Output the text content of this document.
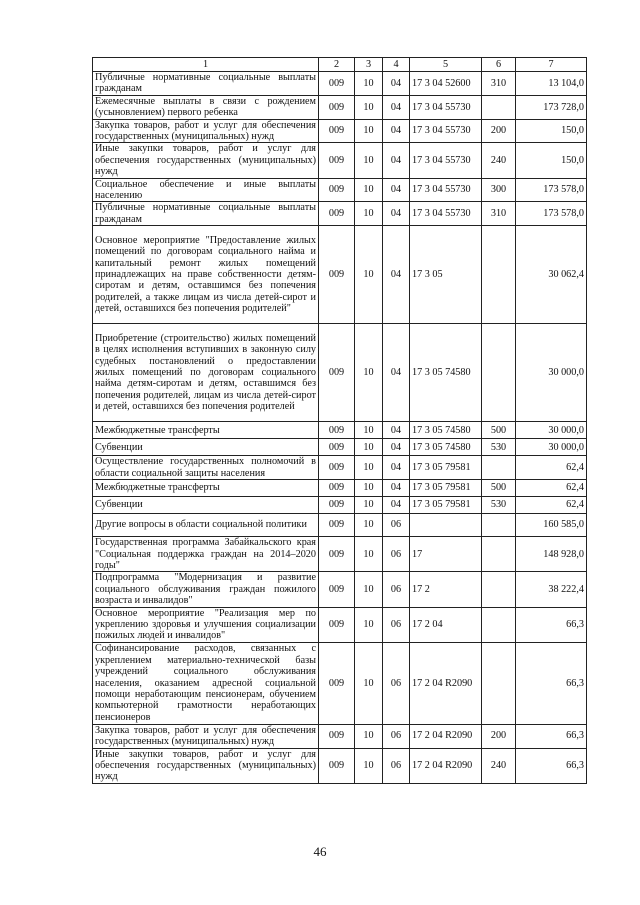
1	2	3	4	5	6	7
Публичные нормативные социальные выплаты гражданам	009	10	04	17 3 04 52600	310	13 104,0
Ежемесячные выплаты в связи с рождением (усыновлением) первого ребенка	009	10	04	17 3 04 55730		173 728,0
Закупка товаров, работ и услуг для обеспечения государственных (муниципальных) нужд	009	10	04	17 3 04 55730	200	150,0
Иные закупки товаров, работ и услуг для обеспечения государственных (муниципальных) нужд	009	10	04	17 3 04 55730	240	150,0
Социальное обеспечение и иные выплаты населению	009	10	04	17 3 04 55730	300	173 578,0
Публичные нормативные социальные выплаты гражданам	009	10	04	17 3 04 55730	310	173 578,0
Основное мероприятие "Предоставление жилых помещений по договорам социального найма и капитальный ремонт жилых помещений принадлежащих на праве собственности детям-сиротам и детям, оставшимся без попечения родителей, а также лицам из числа детей-сирот и детей, оставшихся без попечения родителей"	009	10	04	17 3 05		30 062,4
Приобретение (строительство) жилых помещений в целях исполнения вступивших в законную силу судебных постановлений о предоставлении жилых помещений по договорам социального найма детям-сиротам и детям, оставшимся без попечения родителей, лицам из числа детей-сирот и детей, оставшихся без попечения родителей	009	10	04	17 3 05 74580		30 000,0
Межбюджетные трансферты	009	10	04	17 3 05 74580	500	30 000,0
Субвенции	009	10	04	17 3 05 74580	530	30 000,0
Осуществление государственных полномочий в области социальной защиты населения	009	10	04	17 3 05 79581		62,4
Межбюджетные трансферты	009	10	04	17 3 05 79581	500	62,4
Субвенции	009	10	04	17 3 05 79581	530	62,4
Другие вопросы в области социальной политики	009	10	06			160 585,0
Государственная программа Забайкальского края "Социальная поддержка граждан на 2014–2020 годы"	009	10	06	17		148 928,0
Подпрограмма "Модернизация и развитие социального обслуживания граждан пожилого возраста и инвалидов"	009	10	06	17 2		38 222,4
Основное мероприятие "Реализация мер по укреплению здоровья и улучшения социализации пожилых людей и инвалидов"	009	10	06	17 2 04		66,3
Софинансирование расходов, связанных с укреплением материально-технической базы учреждений социального обслуживания населения, оказанием адресной социальной помощи неработающим пенсионерам, обучением компьютерной грамотности неработающих пенсионеров	009	10	06	17 2 04 R2090		66,3
Закупка товаров, работ и услуг для обеспечения государственных (муниципальных) нужд	009	10	06	17 2 04 R2090	200	66,3
Иные закупки товаров, работ и услуг для обеспечения государственных (муниципальных) нужд	009	10	06	17 2 04 R2090	240	66,3
46
